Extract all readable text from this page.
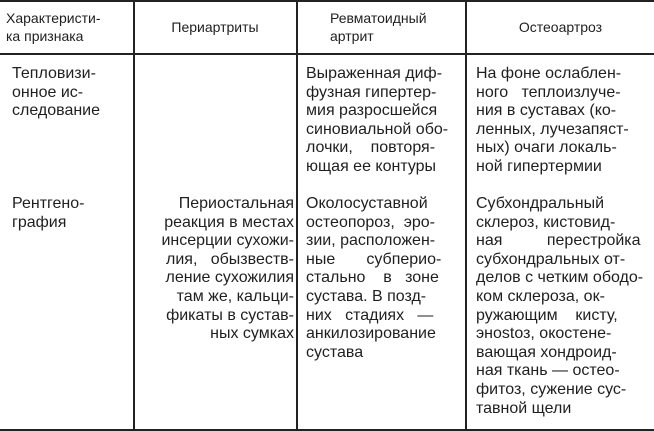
Характеристи-
ка признака
Периартриты
Ревматоидный
артрит
Остеоартроз
Тепловизи-
онное ис-
следование
Выраженная диф-
фузная гипертер-
мия разросшейся
синовиальной обо-
лочки,    повторя-
ющая ее контуры
На фоне ослаблен-
ного   теплоизлуче-
ния в суставах (ко-
ленных, лучезапяст-
ных) очаги локаль-
ной гипертермии
Рентгено-
графия
Периостальная
реакция в местах
инсерции сухожи-
лия,   обызвеств-
ление сухожилия
там же, кальци-
фикаты в сустав-
ных сумках
Околосуставной
остеопороз,  эро-
зии, расположен-
ные       субперио-
стально    в   зоне
сустава. В позд-
них   стадиях   —
анкилозирование
сустава
Субхондральный
склероз, кистовид-
ная          перестройка
субхондральных от-
делов с четким ободо-
ком склероза, ок-
ружающим    кисту,
энostоз, окостене-
вающая хондроид-
ная ткань — остео-
фитоз, сужение сус-
тавной щели
